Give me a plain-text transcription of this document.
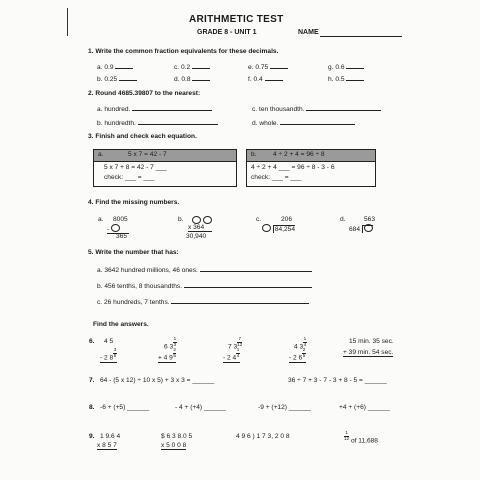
ARITHMETIC TEST
GRADE 8 - UNIT 1	NAME
1. Write the common fraction equivalents for these decimals.
a. 0.9	c. 0.2	e. 0.75	g. 0.6
b. 0.25	d. 0.8	f. 0.4	h. 0.5
2. Round 4685.39807 to the nearest:
a. hundred.	c. ten thousandth.
b. hundredth.	d. whole.
3. Finish and check each equation.
a.	5 x 7 = 42 - 7
5 x 7 + 8 = 42 - 7 ___
check: ___ = ___
b.	4 ÷ 2 + 4 = 96 ÷ 8
4 ÷ 2 + 4 ___ = 96 ÷ 8 - 3 - 6
check: ___ = ___
4. Find the missing numbers.
a. 8005
-
365
b.

x 364
30,940
c.	206
84,254
d.	563
684
5. Write the number that has:
a. 3642 hundred millions, 46 ones.
b. 456 tenths, 8 thousandths.
c. 26 hundreds, 7 tenths.
Find the answers.
6. 4 5
- 2 $8 \frac{3}{8}$
6 $3 \frac{1}{3}$
+ 4 $9 \frac{2}{5}$
7 $3 \frac{7}{12}$
- 2 $4 \frac{1}{4}$
4 $3 \frac{1}{4}$
- 2 $6 \frac{2}{5}$
15 min. 35 sec.
+ 39 min. 54 sec.
7. 64 - (5 x 12) ÷ 10 x 5) + 3 x 3 = ______	36 ÷ 7 + 3 - 7 - 3 + 8 - 5 = ______
8. -6 + (+5) ______	- 4 + (+4) ______	-9 + (+12) ______	+4 + (+6) ______
9. 1 9.6 4
x 8 5 7
$ 6 3 8.0 5
x 5 0 0 8
4 9 6 ) 1 7 3, 2 0 8	$\frac{1}{12}$ of 11,688
